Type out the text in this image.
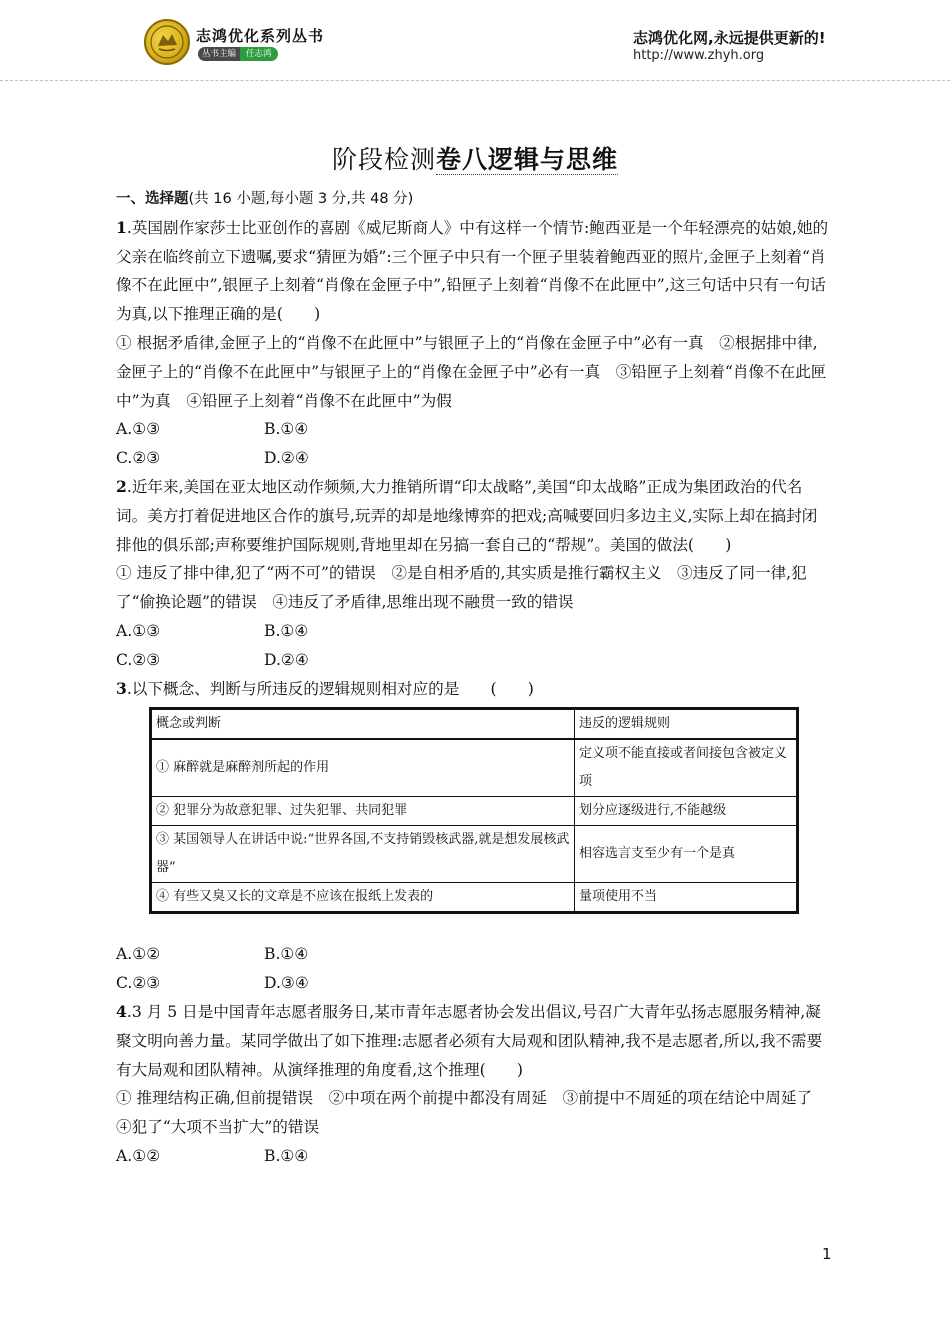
志鸿优化系列丛书
丛书主编	任志鸿
志鸿优化网,永远提供更新的!
http://www.zhyh.org
阶段检测卷八逻辑与思维

一、选择题(共 16 小题,每小题 3 分,共 48 分)

1.英国剧作家莎士比亚创作的喜剧《威尼斯商人》中有这样一个情节:鲍西亚是一个年轻漂亮的姑娘,她的父亲在临终前立下遗嘱,要求“猜匣为婚”:三个匣子中只有一个匣子里装着鲍西亚的照片,金匣子上刻着“肖像不在此匣中”,银匣子上刻着“肖像在金匣子中”,铅匣子上刻着“肖像不在此匣中”,这三句话中只有一句话为真,以下推理正确的是(　　)

① 根据矛盾律,金匣子上的“肖像不在此匣中”与银匣子上的“肖像在金匣子中”必有一真　②根据排中律,金匣子上的“肖像不在此匣中”与银匣子上的“肖像在金匣子中”必有一真　③铅匣子上刻着“肖像不在此匣中”为真　④铅匣子上刻着“肖像不在此匣中”为假

A.①③	B.①④
C.②③	D.②④

2.近年来,美国在亚太地区动作频频,大力推销所谓“印太战略”,美国“印太战略”正成为集团政治的代名词。美方打着促进地区合作的旗号,玩弄的却是地缘博弈的把戏;高喊要回归多边主义,实际上却在搞封闭排他的俱乐部;声称要维护国际规则,背地里却在另搞一套自己的“帮规”。美国的做法(　　)

① 违反了排中律,犯了“两不可”的错误　②是自相矛盾的,其实质是推行霸权主义　③违反了同一律,犯了“偷换论题”的错误　④违反了矛盾律,思维出现不融贯一致的错误

A.①③	B.①④
C.②③	D.②④

3.以下概念、判断与所违反的逻辑规则相对应的是　　(　　)

概念或判断	违反的逻辑规则
① 麻醉就是麻醉剂所起的作用	定义项不能直接或者间接包含被定义项
② 犯罪分为故意犯罪、过失犯罪、共同犯罪	划分应逐级进行,不能越级
③ 某国领导人在讲话中说:“世界各国,不支持销毁核武器,就是想发展核武器”	相容选言支至少有一个是真
④ 有些又臭又长的文章是不应该在报纸上发表的	量项使用不当
A.①②	B.①④
C.②③	D.③④

4.3 月 5 日是中国青年志愿者服务日,某市青年志愿者协会发出倡议,号召广大青年弘扬志愿服务精神,凝聚文明向善力量。某同学做出了如下推理:志愿者必须有大局观和团队精神,我不是志愿者,所以,我不需要有大局观和团队精神。从演绎推理的角度看,这个推理(　　)

① 推理结构正确,但前提错误　②中项在两个前提中都没有周延　③前提中不周延的项在结论中周延了　④犯了“大项不当扩大”的错误

A.①②	B.①④
1
